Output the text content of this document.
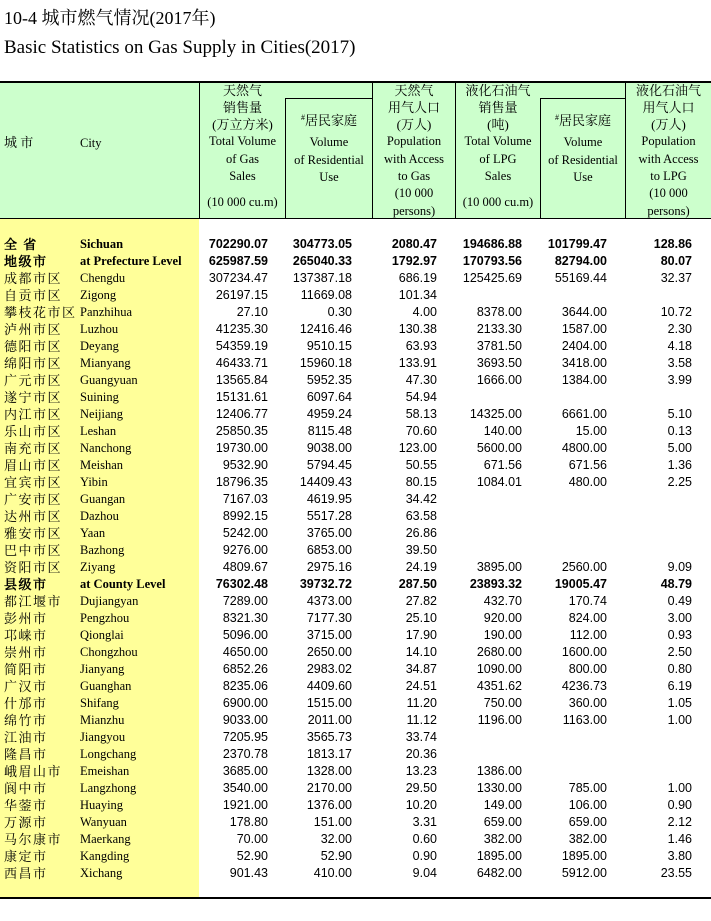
10-4 城市燃气情况(2017年)
Basic Statistics on Gas Supply in Cities(2017)
城 市	City
天然气
销售量
(万立方米)
Total Volume
of Gas
Sales
(10 000 cu.m)
#居民家庭
Volume
of Residential
Use
天然气
用气人口
(万人)
Population
with Access
to Gas
(10 000
persons)
液化石油气
销售量
(吨)
Total Volume
of LPG
Sales
(10 000 cu.m)
#居民家庭
Volume
of Residential
Use
液化石油气
用气人口
(万人)
Population
with Access
to LPG
(10 000
persons)
全 省	Sichuan	702290.07	304773.05	2080.47	194686.88	101799.47	128.86
地级市	at Prefecture Level	625987.59	265040.33	1792.97	170793.56	82794.00	80.07
成都市区 Chengdu	307234.47	137387.18	686.19	125425.69	55169.44	32.37
自贡市区 Zigong	26197.15	11669.08	101.34
攀枝花市区 Panzhihua	27.10	0.30	4.00	8378.00	3644.00	10.72
泸州市区 Luzhou	41235.30	12416.46	130.38	2133.30	1587.00	2.30
德阳市区 Deyang	54359.19	9510.15	63.93	3781.50	2404.00	4.18
绵阳市区 Mianyang	46433.71	15960.18	133.91	3693.50	3418.00	3.58
广元市区 Guangyuan	13565.84	5952.35	47.30	1666.00	1384.00	3.99
遂宁市区 Suining	15131.61	6097.64	54.94
内江市区 Neijiang	12406.77	4959.24	58.13	14325.00	6661.00	5.10
乐山市区 Leshan	25850.35	8115.48	70.60	140.00	15.00	0.13
南充市区 Nanchong	19730.00	9038.00	123.00	5600.00	4800.00	5.00
眉山市区 Meishan	9532.90	5794.45	50.55	671.56	671.56	1.36
宜宾市区 Yibin	18796.35	14409.43	80.15	1084.01	480.00	2.25
广安市区 Guangan	7167.03	4619.95	34.42
达州市区 Dazhou	8992.15	5517.28	63.58
雅安市区 Yaan	5242.00	3765.00	26.86
巴中市区 Bazhong	9276.00	6853.00	39.50
资阳市区 Ziyang	4809.67	2975.16	24.19	3895.00	2560.00	9.09
县级市	at County Level	76302.48	39732.72	287.50	23893.32	19005.47	48.79
都江堰市 Dujiangyan	7289.00	4373.00	27.82	432.70	170.74	0.49
彭州市	Pengzhou	8321.30	7177.30	25.10	920.00	824.00	3.00
邛崃市	Qionglai	5096.00	3715.00	17.90	190.00	112.00	0.93
崇州市	Chongzhou	4650.00	2650.00	14.10	2680.00	1600.00	2.50
简阳市	Jianyang	6852.26	2983.02	34.87	1090.00	800.00	0.80
广汉市	Guanghan	8235.06	4409.60	24.51	4351.62	4236.73	6.19
什邡市	Shifang	6900.00	1515.00	11.20	750.00	360.00	1.05
绵竹市	Mianzhu	9033.00	2011.00	11.12	1196.00	1163.00	1.00
江油市	Jiangyou	7205.95	3565.73	33.74
隆昌市	Longchang	2370.78	1813.17	20.36
峨眉山市 Emeishan	3685.00	1328.00	13.23	1386.00
阆中市	Langzhong	3540.00	2170.00	29.50	1330.00	785.00	1.00
华蓥市	Huaying	1921.00	1376.00	10.20	149.00	106.00	0.90
万源市	Wanyuan	178.80	151.00	3.31	659.00	659.00	2.12
马尔康市 Maerkang	70.00	32.00	0.60	382.00	382.00	1.46
康定市	Kangding	52.90	52.90	0.90	1895.00	1895.00	3.80
西昌市	Xichang	901.43	410.00	9.04	6482.00	5912.00	23.55
